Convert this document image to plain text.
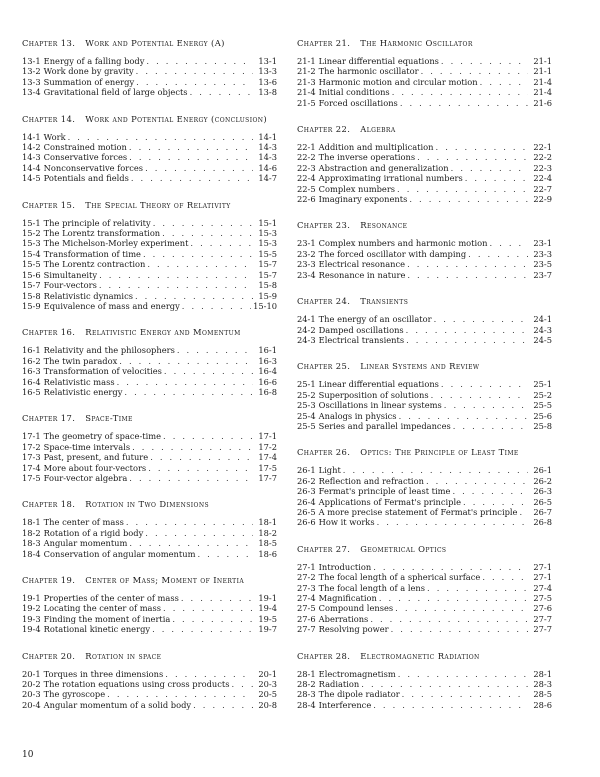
Chapter 13. Work and Potential Energy (A)
13-1 Energy of a falling body . . .	13-1
13-2 Work done by gravity . . .	13-3
13-3 Summation of energy . . .	13-6
13-4 Gravitational field of large objects . . .	13-8
Chapter 14. Work and Potential Energy (conclusion)
14-1 Work . . .	14-1
14-2 Constrained motion . . .	14-3
14-3 Conservative forces . . .	14-3
14-4 Nonconservative forces . . .	14-6
14-5 Potentials and fields . . .	14-7
Chapter 15. The Special Theory of Relativity
15-1 The principle of relativity . . .	15-1
15-2 The Lorentz transformation . . .	15-3
15-3 The Michelson-Morley experiment . . .	15-3
15-4 Transformation of time . . .	15-5
15-5 The Lorentz contraction . . .	15-7
15-6 Simultaneity . . .	15-7
15-7 Four-vectors . . .	15-8
15-8 Relativistic dynamics . . .	15-9
15-9 Equivalence of mass and energy . . .	15-10
Chapter 16. Relativistic Energy and Momentum
16-1 Relativity and the philosophers . . .	16-1
16-2 The twin paradox . . .	16-3
16-3 Transformation of velocities . . .	16-4
16-4 Relativistic mass . . .	16-6
16-5 Relativistic energy . . .	16-8
Chapter 17. Space-Time
17-1 The geometry of space-time . . .	17-1
17-2 Space-time intervals . . .	17-2
17-3 Past, present, and future . . .	17-4
17-4 More about four-vectors . . .	17-5
17-5 Four-vector algebra . . .	17-7
Chapter 18. Rotation in Two Dimensions
18-1 The center of mass . . .	18-1
18-2 Rotation of a rigid body . . .	18-2
18-3 Angular momentum . . .	18-5
18-4 Conservation of angular momentum . . .	18-6
Chapter 19. Center of Mass; Moment of Inertia
19-1 Properties of the center of mass . . .	19-1
19-2 Locating the center of mass . . .	19-4
19-3 Finding the moment of inertia . . .	19-5
19-4 Rotational kinetic energy . . .	19-7
Chapter 20. Rotation in space
20-1 Torques in three dimensions . . .	20-1
20-2 The rotation equations using cross products . . .	20-3
20-3 The gyroscope . . .	20-5
20-4 Angular momentum of a solid body . . .	20-8
Chapter 21. The Harmonic Oscillator
21-1 Linear differential equations . . .	21-1
21-2 The harmonic oscillator . . .	21-1
21-3 Harmonic motion and circular motion . . .	21-4
21-4 Initial conditions . . .	21-4
21-5 Forced oscillations . . .	21-6
Chapter 22. Algebra
22-1 Addition and multiplication . . .	22-1
22-2 The inverse operations . . .	22-2
22-3 Abstraction and generalization . . .	22-3
22-4 Approximating irrational numbers . . .	22-4
22-5 Complex numbers . . .	22-7
22-6 Imaginary exponents . . .	22-9
Chapter 23. Resonance
23-1 Complex numbers and harmonic motion . . .	23-1
23-2 The forced oscillator with damping . . .	23-3
23-3 Electrical resonance . . .	23-5
23-4 Resonance in nature . . .	23-7
Chapter 24. Transients
24-1 The energy of an oscillator . . .	24-1
24-2 Damped oscillations . . .	24-3
24-3 Electrical transients . . .	24-5
Chapter 25. Linear Systems and Review
25-1 Linear differential equations . . .	25-1
25-2 Superposition of solutions . . .	25-2
25-3 Oscillations in linear systems . . .	25-5
25-4 Analogs in physics . . .	25-6
25-5 Series and parallel impedances . . .	25-8
Chapter 26. Optics: The Principle of Least Time
26-1 Light . . .	26-1
26-2 Reflection and refraction . . .	26-2
26-3 Fermat's principle of least time . . .	26-3
26-4 Applications of Fermat's principle . . .	26-5
26-5 A more precise statement of Fermat's principle . . .	26-7
26-6 How it works . . .	26-8
Chapter 27. Geometrical Optics
27-1 Introduction . . .	27-1
27-2 The focal length of a spherical surface . . .	27-1
27-3 The focal length of a lens . . .	27-4
27-4 Magnification . . .	27-5
27-5 Compound lenses . . .	27-6
27-6 Aberrations . . .	27-7
27-7 Resolving power . . .	27-7
Chapter 28. Electromagnetic Radiation
28-1 Electromagnetism . . .	28-1
28-2 Radiation . . .	28-3
28-3 The dipole radiator . . .	28-5
28-4 Interference . . .	28-6
10
